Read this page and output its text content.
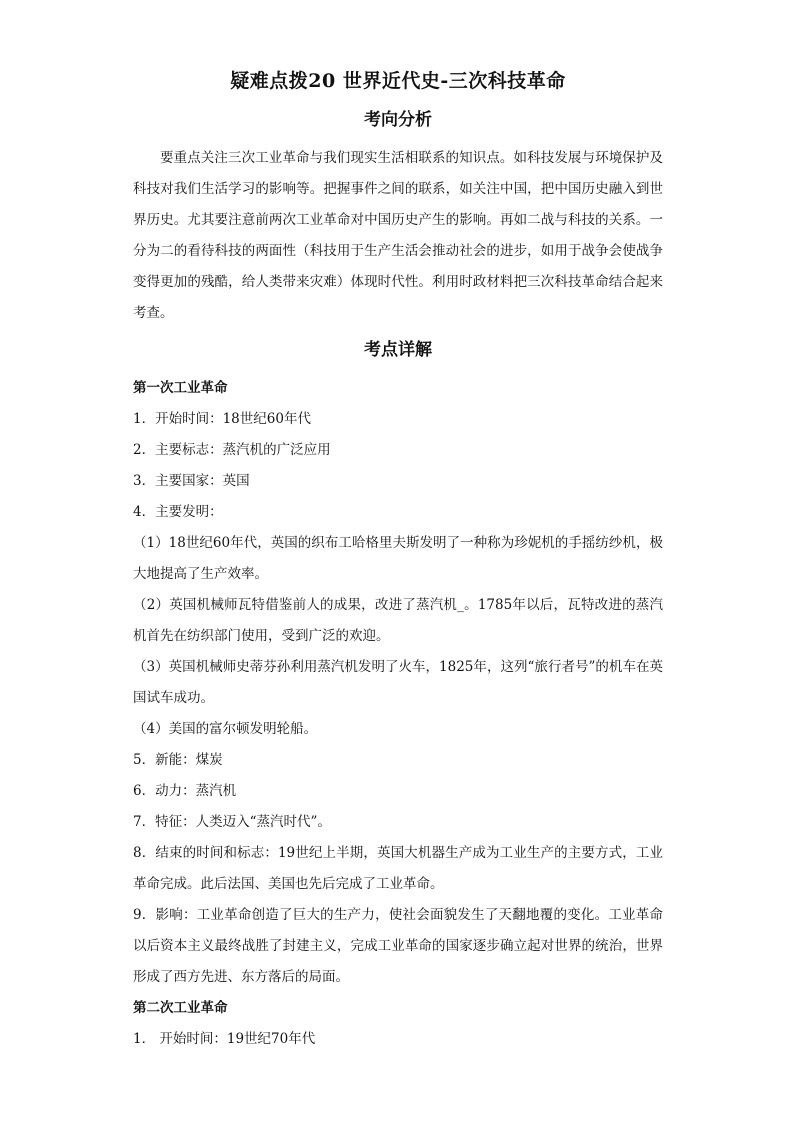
疑难点拨20 世界近代史-三次科技革命
考向分析

要重点关注三次工业革命与我们现实生活相联系的知识点。如科技发展与环境保护及科技对我们生活学习的影响等。把握事件之间的联系，如关注中国，把中国历史融入到世界历史。尤其要注意前两次工业革命对中国历史产生的影响。再如二战与科技的关系。一分为二的看待科技的两面性（科技用于生产生活会推动社会的进步，如用于战争会使战争变得更加的残酷，给人类带来灾难）体现时代性。利用时政材料把三次科技革命结合起来考查。

考点详解
第一次工业革命

1．开始时间：18世纪60年代

2．主要标志：蒸汽机的广泛应用

3．主要国家：英国

4．主要发明：

（1）18世纪60年代，英国的织布工哈格里夫斯发明了一种称为珍妮机的手摇纺纱机，极大地提高了生产效率。

（2）英国机械师瓦特借鉴前人的成果，改进了蒸汽机_。1785年以后，瓦特改进的蒸汽机首先在纺织部门使用，受到广泛的欢迎。

（3）英国机械师史蒂芬孙利用蒸汽机发明了火车，1825年，这列“旅行者号”的机车在英国试车成功。

（4）美国的富尔顿发明轮船。

5．新能：煤炭

6．动力：蒸汽机

7．特征：人类迈入“蒸汽时代”。

8．结束的时间和标志：19世纪上半期，英国大机器生产成为工业生产的主要方式，工业革命完成。此后法国、美国也先后完成了工业革命。

9．影响：工业革命创造了巨大的生产力，使社会面貌发生了天翻地覆的变化。工业革命以后资本主义最终战胜了封建主义，完成工业革命的国家逐步确立起对世界的统治，世界形成了西方先进、东方落后的局面。

第二次工业革命

1． 开始时间：19世纪70年代
